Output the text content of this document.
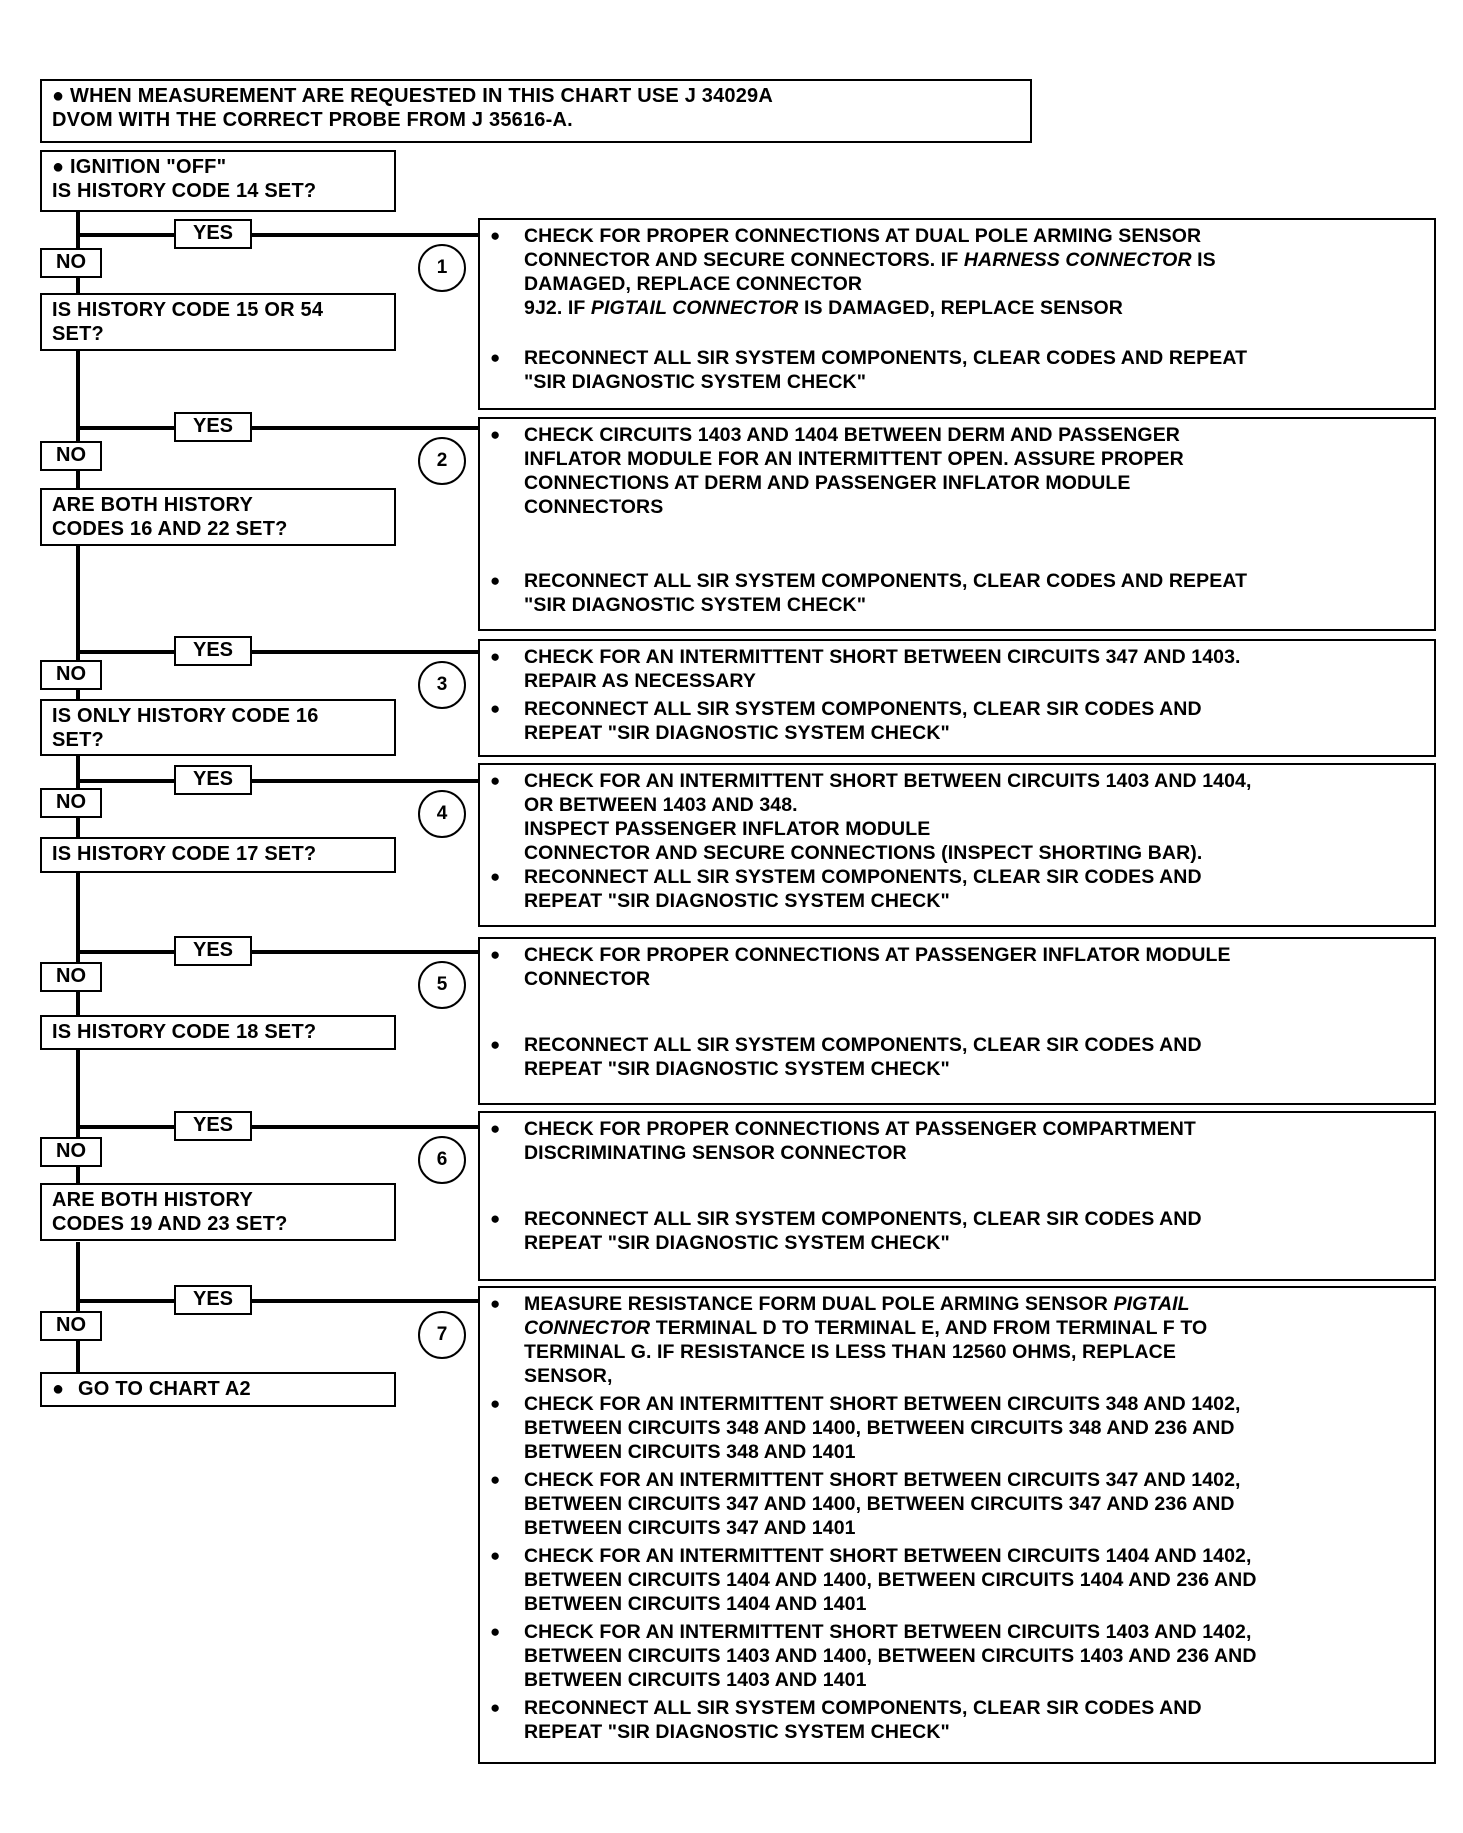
● WHEN MEASUREMENT ARE REQUESTED IN THIS CHART USE J 34029A
DVOM WITH THE CORRECT PROBE FROM J 35616-A.
● IGNITION "OFF"
IS HISTORY CODE 14 SET?
YES
YES
YES
YES
YES
YES
YES
NO
NO
NO
NO
NO
NO
NO
IS HISTORY CODE 15 OR 54
SET?
ARE BOTH HISTORY
CODES 16 AND 22 SET?
IS ONLY HISTORY CODE 16
SET?
IS HISTORY CODE 17 SET?
IS HISTORY CODE 18 SET?
ARE BOTH HISTORY
CODES 19 AND 23 SET?
● GO TO CHART A2
1
2
3
4
5
6
7
● CHECK FOR PROPER CONNECTIONS AT DUAL POLE ARMING SENSOR
CONNECTOR AND SECURE CONNECTORS. IF HARNESS CONNECTOR IS
DAMAGED, REPLACE CONNECTOR
9J2. IF PIGTAIL CONNECTOR IS DAMAGED, REPLACE SENSOR
● RECONNECT ALL SIR SYSTEM COMPONENTS, CLEAR CODES AND REPEAT
"SIR DIAGNOSTIC SYSTEM CHECK"
● CHECK CIRCUITS 1403 AND 1404 BETWEEN DERM AND PASSENGER
INFLATOR MODULE FOR AN INTERMITTENT OPEN. ASSURE PROPER
CONNECTIONS AT DERM AND PASSENGER INFLATOR MODULE
CONNECTORS
● RECONNECT ALL SIR SYSTEM COMPONENTS, CLEAR CODES AND REPEAT
"SIR DIAGNOSTIC SYSTEM CHECK"
● CHECK FOR AN INTERMITTENT SHORT BETWEEN CIRCUITS 347 AND 1403.
REPAIR AS NECESSARY
● RECONNECT ALL SIR SYSTEM COMPONENTS, CLEAR SIR CODES AND
REPEAT "SIR DIAGNOSTIC SYSTEM CHECK"
● CHECK FOR AN INTERMITTENT SHORT BETWEEN CIRCUITS 1403 AND 1404,
OR BETWEEN 1403 AND 348.
INSPECT PASSENGER INFLATOR MODULE
CONNECTOR AND SECURE CONNECTIONS (INSPECT SHORTING BAR).
● RECONNECT ALL SIR SYSTEM COMPONENTS, CLEAR SIR CODES AND
REPEAT "SIR DIAGNOSTIC SYSTEM CHECK"
● CHECK FOR PROPER CONNECTIONS AT PASSENGER INFLATOR MODULE
CONNECTOR
● RECONNECT ALL SIR SYSTEM COMPONENTS, CLEAR SIR CODES AND
REPEAT "SIR DIAGNOSTIC SYSTEM CHECK"
● CHECK FOR PROPER CONNECTIONS AT PASSENGER COMPARTMENT
DISCRIMINATING SENSOR CONNECTOR
● RECONNECT ALL SIR SYSTEM COMPONENTS, CLEAR SIR CODES AND
REPEAT "SIR DIAGNOSTIC SYSTEM CHECK"
● MEASURE RESISTANCE FORM DUAL POLE ARMING SENSOR PIGTAIL
CONNECTOR TERMINAL D TO TERMINAL E, AND FROM TERMINAL F TO
TERMINAL G. IF RESISTANCE IS LESS THAN 12560 OHMS, REPLACE
SENSOR,
● CHECK FOR AN INTERMITTENT SHORT BETWEEN CIRCUITS 348 AND 1402,
BETWEEN CIRCUITS 348 AND 1400, BETWEEN CIRCUITS 348 AND 236 AND
BETWEEN CIRCUITS 348 AND 1401
● CHECK FOR AN INTERMITTENT SHORT BETWEEN CIRCUITS 347 AND 1402,
BETWEEN CIRCUITS 347 AND 1400, BETWEEN CIRCUITS 347 AND 236 AND
BETWEEN CIRCUITS 347 AND 1401
● CHECK FOR AN INTERMITTENT SHORT BETWEEN CIRCUITS 1404 AND 1402,
BETWEEN CIRCUITS 1404 AND 1400, BETWEEN CIRCUITS 1404 AND 236 AND
BETWEEN CIRCUITS 1404 AND 1401
● CHECK FOR AN INTERMITTENT SHORT BETWEEN CIRCUITS 1403 AND 1402,
BETWEEN CIRCUITS 1403 AND 1400, BETWEEN CIRCUITS 1403 AND 236 AND
BETWEEN CIRCUITS 1403 AND 1401
● RECONNECT ALL SIR SYSTEM COMPONENTS, CLEAR SIR CODES AND
REPEAT "SIR DIAGNOSTIC SYSTEM CHECK"
